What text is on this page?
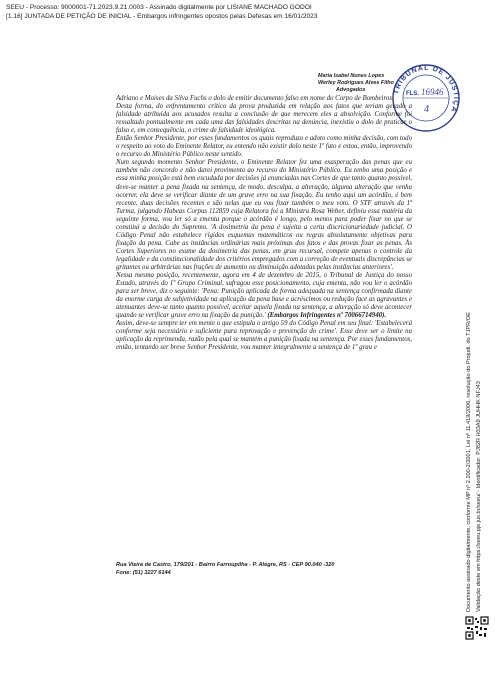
SEEU - Processo: 9000001-71.2023.9.21.0003 - Assinado digitalmente por LISIANE MACHADO GODOI
[1.16] JUNTADA DE PETIÇÃO DE INICIAL - Embargos infringentes opostos pelas Defesas em 16/01/2023
TRIBUNAL DE JUSTIÇA
FLS. 16946
4
Maria Isabel Nunes Lopes
Werley Rodrigues Alves Filho
Advogados

Adriano e Moises da Silva Fuchs o dolo de emitir documento falso em nome do Corpo de Bombeiros.

Desta forma, do enfrentamento crítico da prova produzida em relação aos fatos que teriam gerado a falsidade atribuída aos acusados resulta a conclusão de que merecem eles a absolvição. Conforme foi ressaltado pontualmente em cada uma das falsidades descritas na denúncia, inexistiu o dolo de praticar o falso e, em consequência, o crime de falsidade ideológica.

Então Senhor Presidente, por esses fundamentos os quais reproduzo e adoto como minha decisão, com todo o respeito ao voto do Eminente Relator, eu entendo não existir dolo neste 1º fato e estou, então, improvendo o recurso do Ministério Público neste sentido.

Num segundo momento Senhor Presidente, o Eminente Relator fez uma exasperação das penas que eu também não concordo e não darei provimento ao recurso do Ministério Público. Eu tenho uma posição e essa minha posição está bem escudada por decisões já enunciadas nas Cortes de que tanto quanto possível, deve-se manter a pena fixada na sentença, de modo, desculpa, a alteração, alguma alteração que venha ocorrer, ela deve se verificar diante de um grave erro na sua fixação. Eu tenho aqui um acórdão, é bem recente, duas decisões recentes e são nelas que eu vou fixar também o meu voto. O STF através da 1ª Turma, julgando Habeas Corpus 112859 cuja Relatora foi a Ministra Rosa Weber, definiu essa matéria da seguinte forma, vou ler só a ementa porque o acórdão é longo, pelo menos para poder fixar no que se constitui a decisão do Supremo. 'A dosimetria da pena é sujeita a certa discricionariedade judicial. O Código Penal não estabelece rígidos esquemas matemáticos ou regras absolutamente objetivas para fixação da pena. Cabe as instâncias ordinárias mais próximas dos fatos e das provas fixar as penas. Às Cortes Superiores no exame da dosimetria das penas, em grau recursal, compete apenas o controle da legalidade e da constitucionalidade dos critérios empregados com a correção de eventuais discrepâncias se gritantes ou arbitrárias nas frações de aumento ou diminuição adotadas pelas instâncias anteriores'.

Nessa mesma posição, recentemente, agora em 4 de dezembro de 2015, o Tribunal de Justiça do nosso Estado, através do 1º Grupo Criminal, sufragou esse posicionamento, cuja ementa, não vou ler o acórdão para ser breve, diz o seguinte: 'Pena: Punição aplicada de forma adequada na sentença confirmada diante da enorme carga de subjetividade na aplicação da pena base e acréscimos ou redução face as agravantes e atenuantes deve-se tanto quanto possível, aceitar aquela fixada na sentença, a alteração só deve acontecer quando se verificar grave erro na fixação da punição.' (Embargos Infringentes nº 70066714940).

Assim, deve-se sempre ter em mente o que estipula o artigo 59 do Código Penal em seu final: 'Estabelecerá conforme seja necessário e suficiente para reprovação e prevenção do crime'. Esse deve ser o limite na aplicação da reprimenda, razão pela qual se mantém a punição fixada na sentença. Por esses fundamentos, então, tentando ser breve Senhor Presidente, vou manter integralmente a sentença de 1º grau e

Rua Vieira de Castro, 179/201 - Bairro Farroupilha - P. Alegre, RS - CEP 90.040 -320
Fone: (51) 3227 6144	Documento assinado digitalmente, conforme MP nº 2.200-2/2001, Lei nº 11.419/2006, resolução do Projudi, do TJPR/OE Validação deste em https://seeu.pje.jus.br/seeu/ - Identificador: PJ82R H33A9 JUHHK NFJ43
